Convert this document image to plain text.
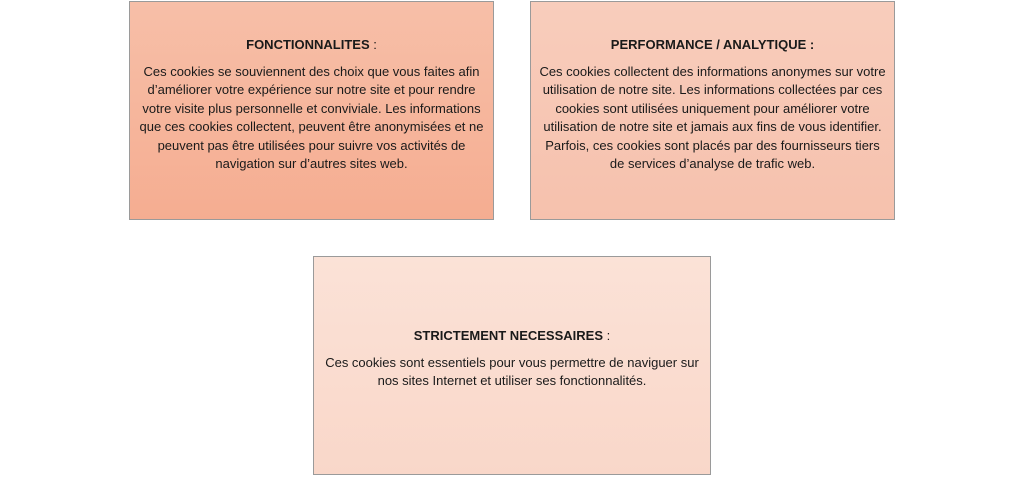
FONCTIONNALITES :

Ces cookies se souviennent des choix que vous faites afin d’améliorer votre expérience sur notre site et pour rendre votre visite plus personnelle et conviviale. Les informations que ces cookies collectent, peuvent être anonymisées et ne peuvent pas être utilisées pour suivre vos activités de navigation sur d’autres sites web.

PERFORMANCE / ANALYTIQUE :

Ces cookies collectent des informations anonymes sur votre utilisation de notre site. Les informations collectées par ces cookies sont utilisées uniquement pour améliorer votre utilisation de notre site et jamais aux fins de vous identifier. Parfois, ces cookies sont placés par des fournisseurs tiers de services d’analyse de trafic web.

STRICTEMENT NECESSAIRES :

Ces cookies sont essentiels pour vous permettre de naviguer sur nos sites Internet et utiliser ses fonctionnalités.
